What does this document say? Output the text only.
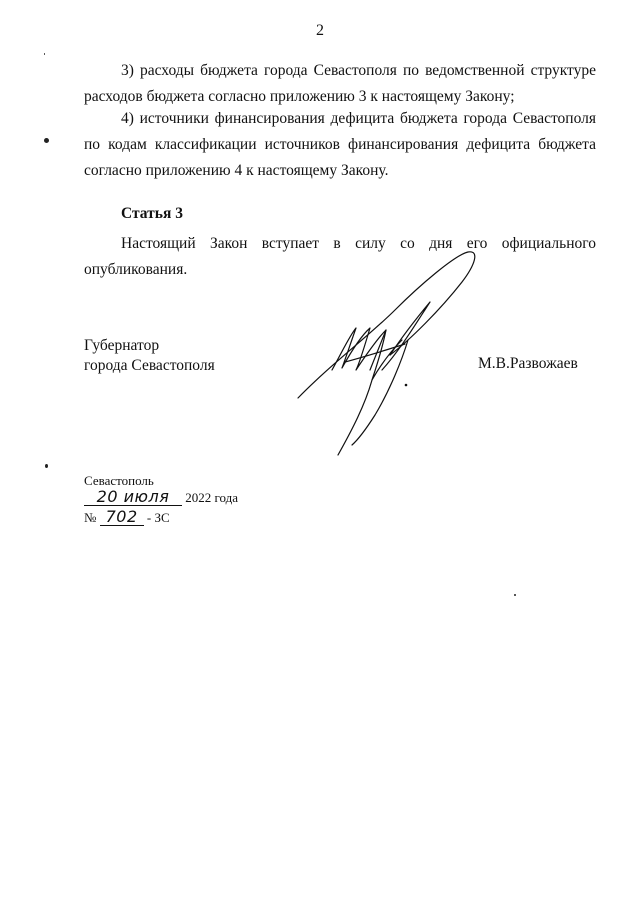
2

3) расходы бюджета города Севастополя по ведомственной структуре расходов бюджета согласно приложению 3 к настоящему Закону;

4) источники финансирования дефицита бюджета города Севастополя по кодам классификации источников финансирования дефицита бюджета согласно приложению 4 к настоящему Закону.

Статья 3

Настоящий Закон вступает в силу со дня его официального опубликования.

Губернатор
города Севастополя	М.В.Развожаев
Севастополь
20 июля 2022 года
№ 702 - ЗС
